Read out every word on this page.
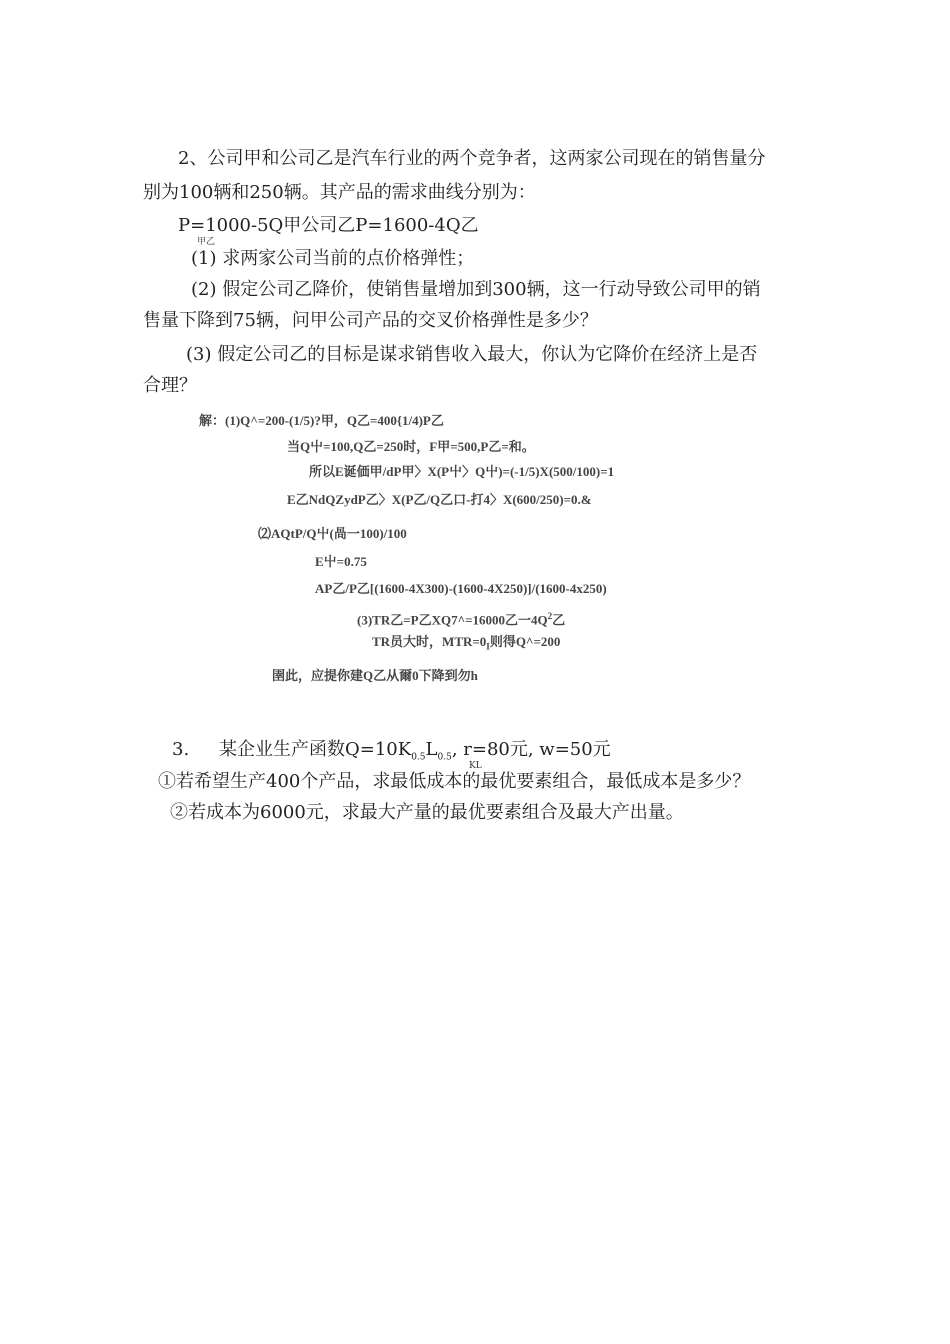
2、公司甲和公司乙是汽车行业的两个竞争者，这两家公司现在的销售量分
别为100辆和250辆。其产品的需求曲线分别为：
P=1000-5Q甲公司乙P=1600-4Q乙
甲乙
(1) 求两家公司当前的点价格弹性；
(2) 假定公司乙降价，使销售量增加到300辆，这一行动导致公司甲的销
售量下降到75辆，问甲公司产品的交叉价格弹性是多少？
(3) 假定公司乙的目标是谋求销售收入最大，你认为它降价在经济上是否
合理？
解：(1)Q^=200-(1/5)?甲，Q乙=400{1/4)P乙
当Q屮=100,Q乙=250时，F甲=500,P乙=和。
所以E诞価甲/dP甲〉X(P屮〉Q屮)=(-1/5)X(500/100)=1
E乙NdQZydP乙〉X(P乙/Q乙口-打4〉X(600/250)=0.&
⑵AQtP/Q屮(咼一100)/100
E屮=0.75
AP乙/P乙[(1600-4X300)-(1600-4X250)]/(1600-4x250)
(3)TR乙=P乙XQ7^=16000乙一$4Q^2$乙
TR员大时，$MTR=0_I$则得Q^=200
圉此，应提你建Q乙从爾0下降到勿h
3. 某企业生产函数$Q=10K_{0.5}L_{0.5}$, r=80元, w=50元
KL
①若希望生产400个产品，求最低成本的最优要素组合，最低成本是多少？
②若成本为6000元，求最大产量的最优要素组合及最大产出量。
